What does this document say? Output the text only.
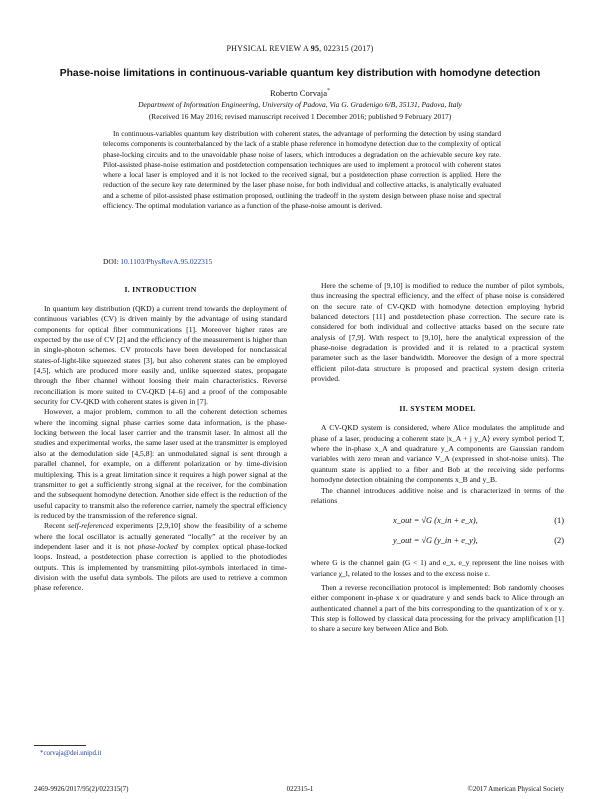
PHYSICAL REVIEW A 95, 022315 (2017)
Phase-noise limitations in continuous-variable quantum key distribution with homodyne detection
Roberto Corvaja*
Department of Information Engineering, University of Padova, Via G. Gradenigo 6/B, 35131, Padova, Italy
(Received 16 May 2016; revised manuscript received 1 December 2016; published 9 February 2017)
In continuous-variables quantum key distribution with coherent states, the advantage of performing the detection by using standard telecoms components is counterbalanced by the lack of a stable phase reference in homodyne detection due to the complexity of optical phase-locking circuits and to the unavoidable phase noise of lasers, which introduces a degradation on the achievable secure key rate. Pilot-assisted phase-noise estimation and postdetection compensation techniques are used to implement a protocol with coherent states where a local laser is employed and it is not locked to the received signal, but a postdetection phase correction is applied. Here the reduction of the secure key rate determined by the laser phase noise, for both individual and collective attacks, is analytically evaluated and a scheme of pilot-assisted phase estimation proposed, outlining the tradeoff in the system design between phase noise and spectral efficiency. The optimal modulation variance as a function of the phase-noise amount is derived.
DOI: 10.1103/PhysRevA.95.022315
I. INTRODUCTION

In quantum key distribution (QKD) a current trend towards the deployment of continuous variables (CV) is driven mainly by the advantage of using standard components for optical fiber communications [1]. Moreover higher rates are expected by the use of CV [2] and the efficiency of the measurement is higher than in single-photon schemes. CV protocols have been developed for nonclassical states-of-light-like squeezed states [3], but also coherent states can be employed [4,5], which are produced more easily and, unlike squeezed states, propagate through the fiber channel without loosing their main characteristics. Reverse reconciliation is more suited to CV-QKD [4–6] and a proof of the composable security for CV-QKD with coherent states is given in [7].

However, a major problem, common to all the coherent detection schemes where the incoming signal phase carries some data information, is the phase-locking between the local laser carrier and the transmit laser. In almost all the studies and experimental works, the same laser used at the transmitter is employed also at the demodulation side [4,5,8]: an unmodulated signal is sent through a parallel channel, for example, on a different polarization or by time-division multiplexing. This is a great limitation since it requires a high power signal at the transmitter to get a sufficiently strong signal at the receiver, for the combination and the subsequent homodyne detection. Another side effect is the reduction of the useful capacity to transmit also the reference carrier, namely the spectral efficiency is reduced by the transmission of the reference signal.

Recent self-referenced experiments [2,9,10] show the feasibility of a scheme where the local oscillator is actually generated “locally” at the receiver by an independent laser and it is not phase-locked by complex optical phase-locked loops. Instead, a postdetection phase correction is applied to the photodiodes outputs. This is implemented by transmitting pilot-symbols interlaced in time-division with the useful data symbols. The pilots are used to retrieve a common phase reference.

Here the scheme of [9,10] is modified to reduce the number of pilot symbols, thus increasing the spectral efficiency, and the effect of phase noise is considered on the secure rate of CV-QKD with homodyne detection employing hybrid balanced detectors [11] and postdetection phase correction. The secure rate is considered for both individual and collective attacks based on the secure rate analysis of [7,9]. With respect to [9,10], here the analytical expression of the phase-noise degradation is provided and it is related to a practical system parameter such as the laser bandwidth. Moreover the design of a more spectral efficient pilot-data structure is proposed and practical system design criteria provided.

II. SYSTEM MODEL

A CV-QKD system is considered, where Alice modulates the amplitude and phase of a laser, producing a coherent state |x_A + j y_A⟩ every symbol period T, where the in-phase x_A and quadrature y_A components are Gaussian random variables with zero mean and variance V_A (expressed in shot-noise units). The quantum state is applied to a fiber and Bob at the receiving side performs homodyne detection obtaining the components x_B and y_B.

The channel introduces additive noise and is characterized in terms of the relations

x_out = √G (x_in + e_x),	(1)
y_out = √G (y_in + e_y),	(2)

where G is the channel gain (G < 1) and e_x, e_y represent the line noises with variance χ_l, related to the losses and to the excess noise ε.

Then a reverse reconciliation protocol is implemented: Bob randomly chooses either component in-phase x or quadrature y and sends back to Alice through an authenticated channel a part of the bits corresponding to the quantization of x or y. This step is followed by classical data processing for the privacy amplification [1] to share a secure key between Alice and Bob.

*corvaja@dei.unipd.it
022315-1
2469-9926/2017/95(2)/022315(7)	©2017 American Physical Society
